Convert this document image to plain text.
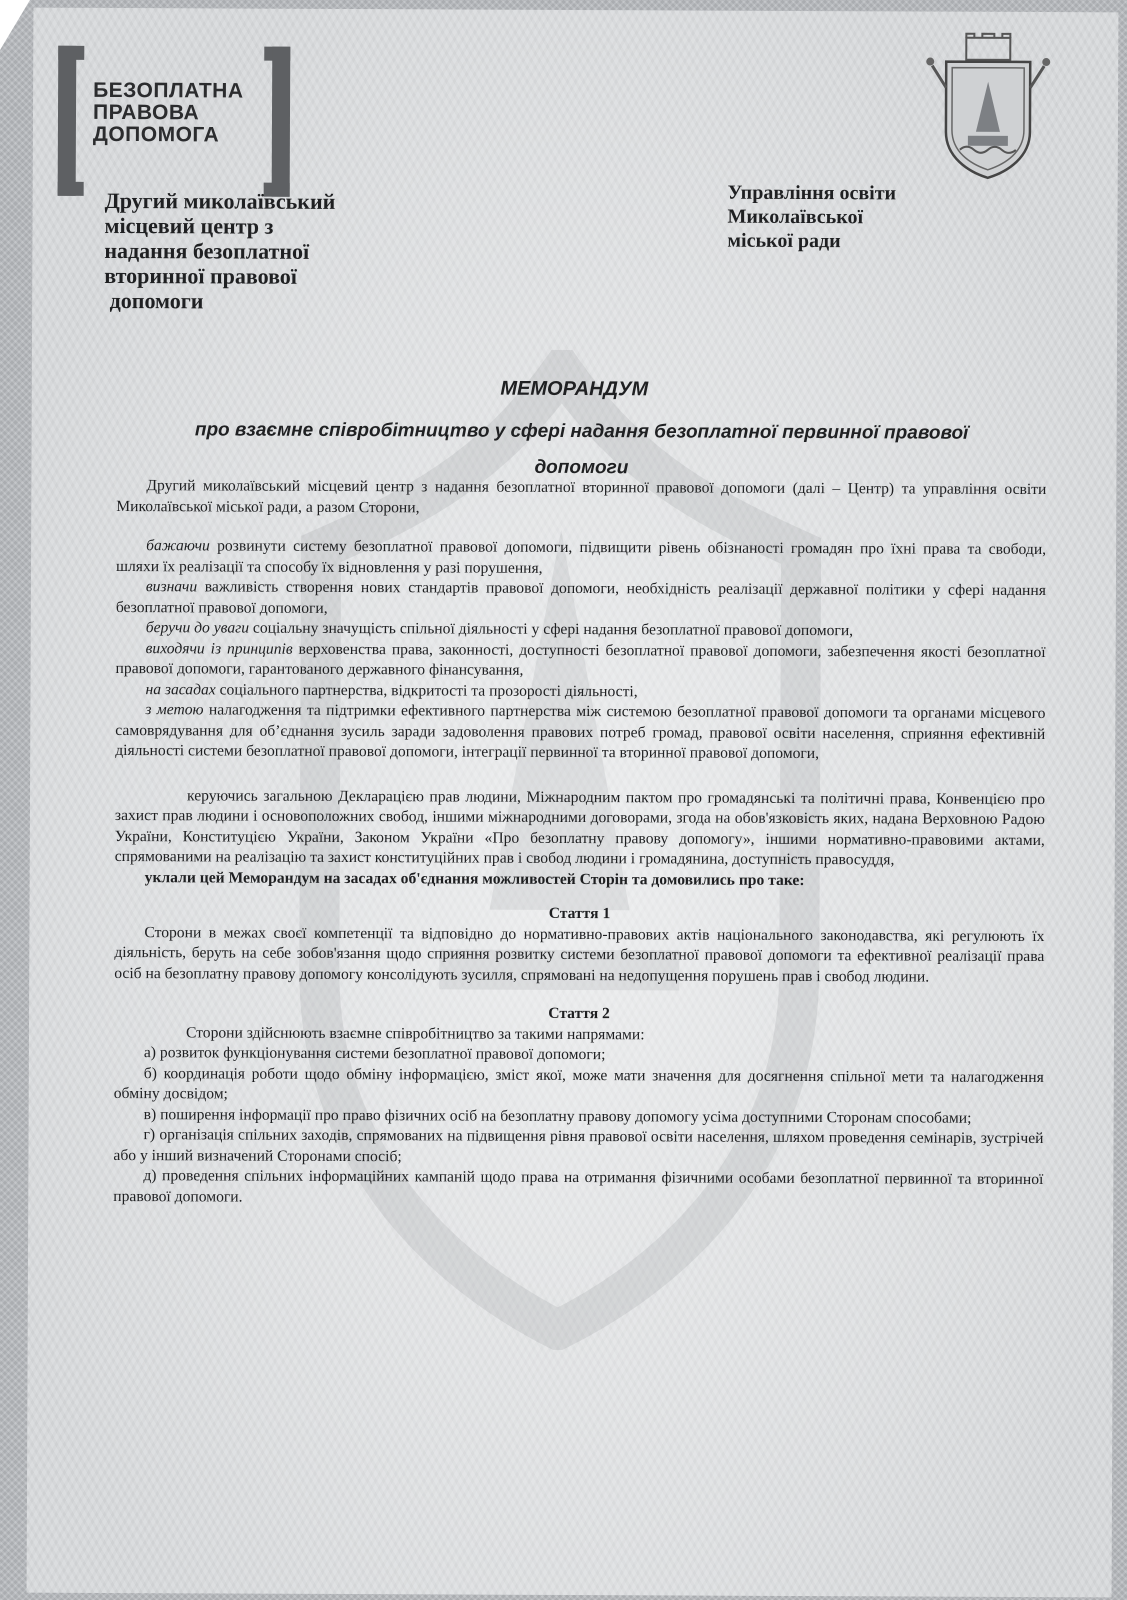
БЕЗОПЛАТНА
ПРАВОВА
ДОПОМОГА
Другий миколаївський
місцевий центр з
надання безоплатної
вторинної правової
допомоги
Управління освіти
Миколаївської
міської ради
МЕМОРАНДУМ
про взаємне співробітництво у сфері надання безоплатної первинної правової
допомоги

Другий миколаївський місцевий центр з надання безоплатної вторинної правової допомоги (далі – Центр) та управління освіти Миколаївської міської ради, а разом Сторони,

бажаючи розвинути систему безоплатної правової допомоги, підвищити рівень обізнаності громадян про їхні права та свободи, шляхи їх реалізації та способу їх відновлення у разі порушення,

визначи важливість створення нових стандартів правової допомоги, необхідність реалізації державної політики у сфері надання безоплатної правової допомоги,

беручи до уваги соціальну значущість спільної діяльності у сфері надання безоплатної правової допомоги,

виходячи із принципів верховенства права, законності, доступності безоплатної правової допомоги, забезпечення якості безоплатної правової допомоги, гарантованого державного фінансування,

на засадах соціального партнерства, відкритості та прозорості діяльності,

з метою налагодження та підтримки ефективного партнерства між системою безоплатної правової допомоги та органами місцевого самоврядування для об’єднання зусиль заради задоволення правових потреб громад, правової освіти населення, сприяння ефективній діяльності системи безоплатної правової допомоги, інтеграції первинної та вторинної правової допомоги,

керуючись загальною Декларацією прав людини, Міжнародним пактом про громадянські та політичні права, Конвенцією про захист прав людини і основоположних свобод, іншими міжнародними договорами, згода на обов'язковість яких, надана Верховною Радою України, Конституцією України, Законом України «Про безоплатну правову допомогу», іншими нормативно-правовими актами, спрямованими на реалізацію та захист конституційних прав і свобод людини і громадянина, доступність правосуддя,

уклали цей Меморандум на засадах об'єднання можливостей Сторін та домовились про таке:

Стаття 1

Сторони в межах своєї компетенції та відповідно до нормативно-правових актів національного законодавства, які регулюють їх діяльність, беруть на себе зобов'язання щодо сприяння розвитку системи безоплатної правової допомоги та ефективної реалізації права осіб на безоплатну правову допомогу консолідують зусилля, спрямовані на недопущення порушень прав і свобод людини.

Стаття 2

Сторони здійснюють взаємне співробітництво за такими напрямами:

а) розвиток функціонування системи безоплатної правової допомоги;

б) координація роботи щодо обміну інформацією, зміст якої, може мати значення для досягнення спільної мети та налагодження обміну досвідом;

в) поширення інформації про право фізичних осіб на безоплатну правову допомогу усіма доступними Сторонам способами;

г) організація спільних заходів, спрямованих на підвищення рівня правової освіти населення, шляхом проведення семінарів, зустрічей або у інший визначений Сторонами спосіб;

д) проведення спільних інформаційних кампаній щодо права на отримання фізичними особами безоплатної первинної та вторинної правової допомоги.
